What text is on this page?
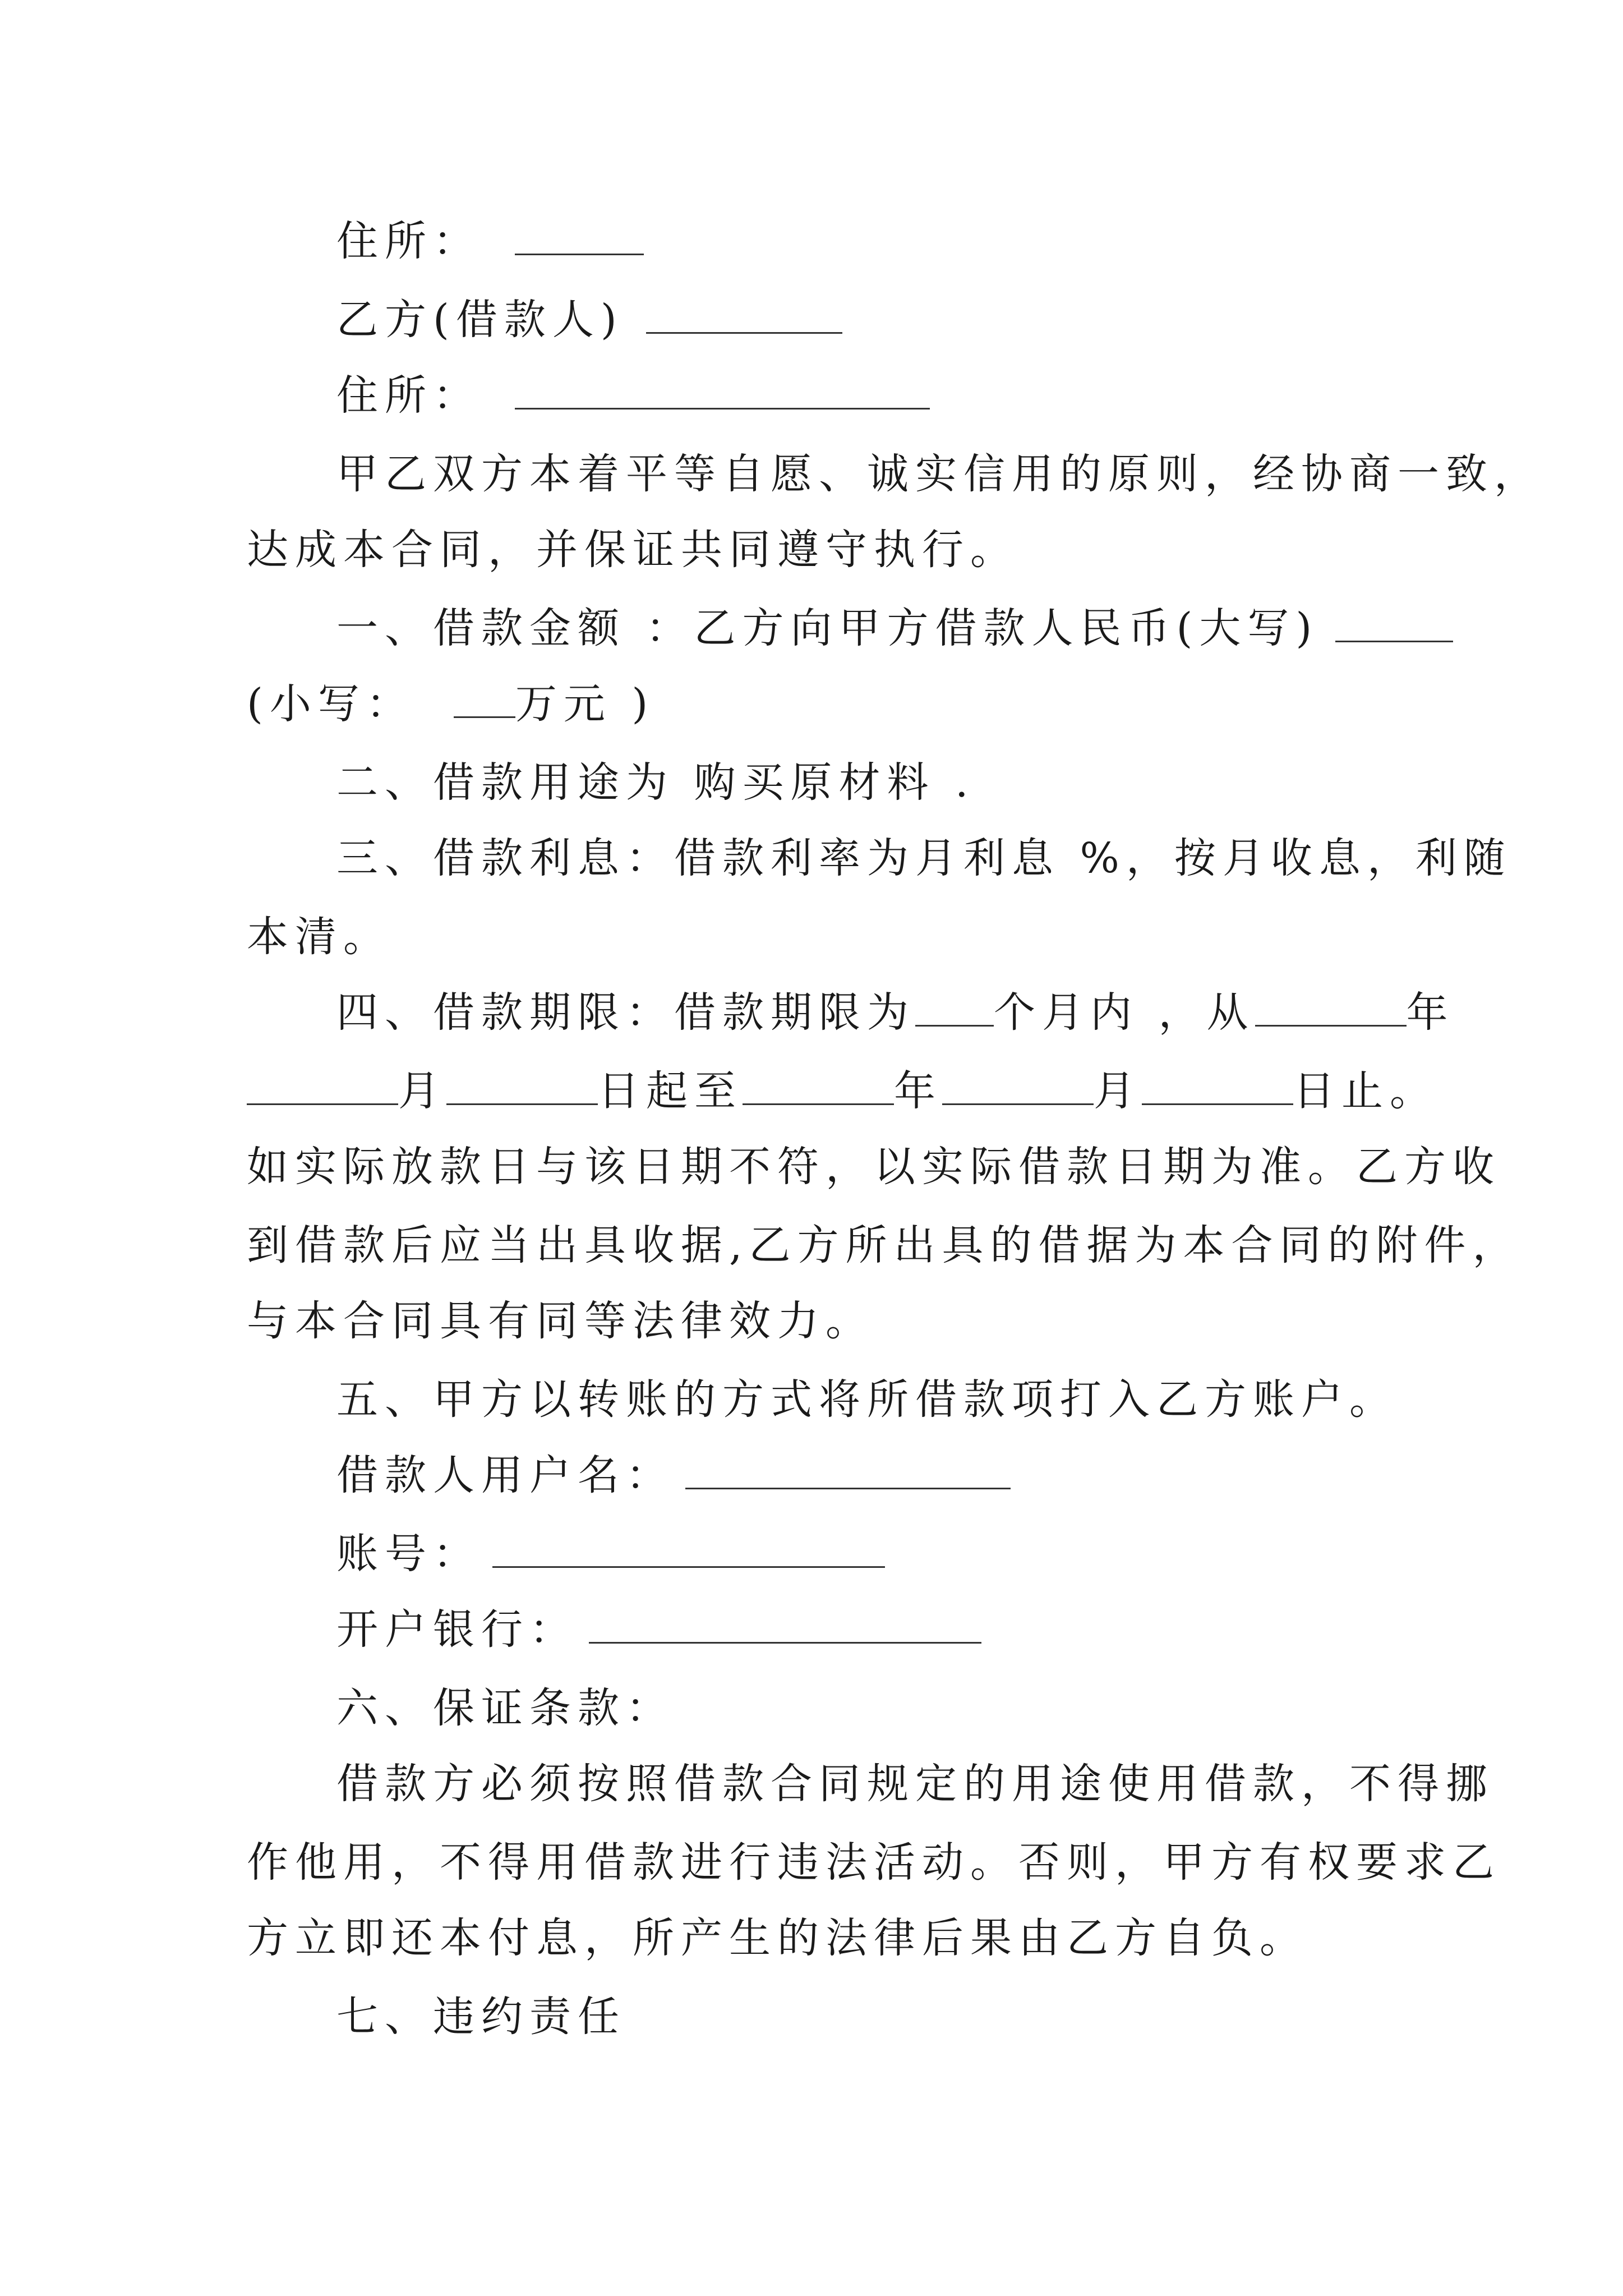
住所：
乙方(借款人)
住所：
甲乙双方本着平等自愿、诚实信用的原则，经协商一致，
达成本合同，并保证共同遵守执行。
一、借款金额 ：乙方向甲方借款人民币(大写)
(小写： 万元 )
二、借款用途为 购买原材料 .
三、借款利息：借款利率为月利息 %，按月收息，利随
本清。
四、借款期限：借款期限为 个月内 ，从	年
月	日起至	年	月	日止。
如实际放款日与该日期不符，以实际借款日期为准。乙方收
到借款后应当出具收据,乙方所出具的借据为本合同的附件，
与本合同具有同等法律效力。
五、甲方以转账的方式将所借款项打入乙方账户。
借款人用户名：
账号：
开户银行：
六、保证条款：
借款方必须按照借款合同规定的用途使用借款，不得挪
作他用，不得用借款进行违法活动。否则，甲方有权要求乙
方立即还本付息，所产生的法律后果由乙方自负。
七、违约责任
